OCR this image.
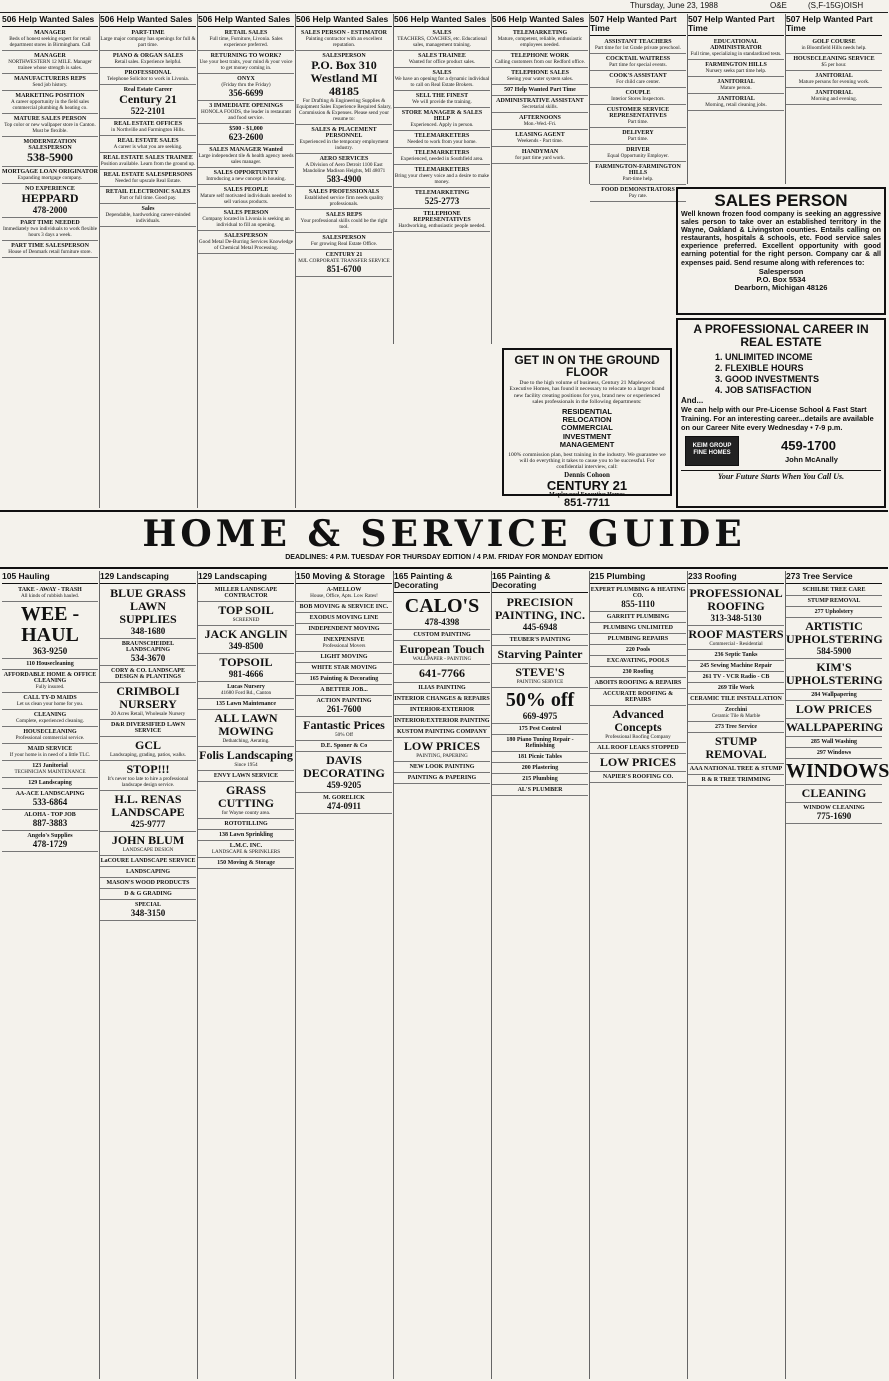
Thursday, June 23, 1988	O&E	(S,F-15G)OISH
506 Help Wanted Sales
MANAGER
Beds of honest seeking expert for retail department stores in Birmingham. Call
MANAGER
NORTHWESTERN 12 MILE. Manager trainee whose strength is sales.
MANUFACTURERS REPS
Send job history.
MARKETING POSITION
A career opportunity in the field sales commercial plumbing & heating co.
MATURE SALES PERSON
Top color or new wallpaper store in Canton. Must be flexible.
MODERNIZATION SALESPERSON
538-5900
MORTGAGE LOAN ORIGINATOR
Expanding mortgage company.
NO EXPERIENCE
HEPPARD
478-2000
PART TIME NEEDED
Immediately two individuals to work flexible hours 3 days a week.
PART TIME SALESPERSON
House of Denmark retail furniture store.
506 Help Wanted Sales
PART-TIME
Large major company has openings for full & part time.
PIANO & ORGAN SALES
Retail sales. Experience helpful.
PROFESSIONAL
Telephone Solicitor to work in Livonia.
Real Estate Career
Century 21
522-2101
REAL ESTATE OFFICES
in Northville and Farmington Hills.
REAL ESTATE SALES
A career is what you are seeking.
REAL ESTATE SALES TRAINEE
Position available. Learn from the ground up.
REAL ESTATE SALESPERSONS
Needed for upscale Real Estate.
RETAIL ELECTRONIC SALES
Part or full time. Good pay.
Sales
Dependable, hardworking career-minded individuals.
506 Help Wanted Sales
RETAIL SALES
Full time, Furniture, Livonia. Sales experience preferred.
RETURNING TO WORK?
Use your best traits, your mind & your voice to get money coming in.
ONYX
(Friday thru the Friday)
356-6699
3 IMMEDIATE OPENINGS
HONOLA FOODS, the leader in restaurant and food service.
$500 - $1,000
623-2600
SALES MANAGER Wanted
Large independent tile & health agency needs sales manager.
SALES OPPORTUNITY
Introducing a new concept in housing.
SALES PEOPLE
Mature self motivated individuals needed to sell various products.
SALES PERSON
Company located in Livonia is seeking an individual to fill an opening.
SALESPERSON
Good Metal De-Burring Services Knowledge of Chemical Metal Processing.
506 Help Wanted Sales
SALES PERSON - ESTIMATOR
Painting contractor with an excellent reputation.
SALESPERSON
P.O. Box 310 Westland MI 48185
For Drafting & Engineering Supplies & Equipment Sales Experience Required Salary, Commission & Expenses. Please send your resume to:
SALES & PLACEMENT PERSONNEL
Experienced in the temporary employment industry.
AERO SERVICES
A Division of Aero Detroit 1100 East Mandoline Madison Heights, MI 48071
583-4900
SALES PROFESSIONALS
Established service firm needs quality professionals.
SALES REPS
Your professional skills could be the right tool.
SALESPERSON
For growing Real Estate Office.
CENTURY 21
MJL CORPORATE TRANSFER SERVICE
851-6700
506 Help Wanted Sales
SALES
TEACHERS, COACHES, etc. Educational sales, management training.
SALES TRAINEE
Wanted for office product sales.
SALES
We have an opening for a dynamic individual to call on Real Estate Brokers.
SELL THE FINEST
We will provide the training.
STORE MANAGER & SALES HELP
Experienced. Apply in person.
TELEMARKETERS
Needed to work from your home.
TELEMARKETERS
Experienced, needed in Southfield area.
TELEMARKETERS
Bring your cheery voice and a desire to make money.
TELEMARKETING
525-2773
TELEPHONE REPRESENTATIVES
Hardworking, enthusiastic people needed.
506 Help Wanted Sales
TELEMARKETING
Mature, competent, reliable, enthusiastic employees needed.
TELEPHONE WORK
Calling customers from our Redford office.
TELEPHONE SALES
Seeing your water system sales.
507 Help Wanted Part Time
ADMINISTRATIVE ASSISTANT
Secretarial skills.
AFTERNOONS
Mon.-Wed.-Fri.
LEASING AGENT
Weekends - Part time.
HANDYMAN
for part time yard work.
507 Help Wanted Part Time
ASSISTANT TEACHERS
Part time for 1st Grade private preschool.
COCKTAIL WAITRESS
Part time for special events.
COOK'S ASSISTANT
For child care center.
COUPLE
Interior Stores Inspectors.
CUSTOMER SERVICE REPRESENTATIVES
Part time.
DELIVERY
Part time.
DRIVER
Equal Opportunity Employer.
FARMINGTON-FARMINGTON HILLS
Part-time help.
FOOD DEMONSTRATORS
Pay rate.
507 Help Wanted Part Time
EDUCATIONAL ADMINISTRATOR
Full time, specializing in standardized tests.
FARMINGTON HILLS
Nursery seeks part time help.
JANITORIAL
Mature person.
JANITORIAL
Morning, retail cleaning jobs.
507 Help Wanted Part Time
GOLF COURSE
in Bloomfield Hills needs help.
HOUSECLEANING SERVICE
$5 per hour.
JANITORIAL
Mature persons for evening work.
JANITORIAL
Morning and evening.
GET IN ON THE GROUND FLOOR
Due to the high volume of business, Century 21 Maplewood Executive Homes, has found it necessary to relocate to a larger brand new facility creating positions for you, brand new or experienced sales professionals in the following departments:
RESIDENTIAL
RELOCATION
COMMERCIAL
INVESTMENT
MANAGEMENT
100% commission plan, best training in the industry. We guarantee we will do everything it takes to cause you to be successful. For confidential interview, call:
Dennis Cohoon
CENTURY 21
Maplewood Executive Homes
851-7711
SALES PERSON
Well known frozen food company is seeking an aggressive sales person to take over an established territory in the Wayne, Oakland & Livingston counties. Entails calling on restaurants, hospitals & schools, etc. Food service sales experience preferred. Excellent opportunity with good earning potential for the right person. Company car & all expenses paid. Send resume along with references to:
Salesperson
P.O. Box 5534
Dearborn, Michigan 48126
A PROFESSIONAL CAREER IN REAL ESTATE
1. UNLIMITED INCOME
2. FLEXIBLE HOURS
3. GOOD INVESTMENTS
4. JOB SATISFACTION
And...
We can help with our Pre-License School & Fast Start Training. For an interesting career...details are available on our Career Nite every Wednesday • 7-9 p.m.
KEIM GROUP FINE HOMES	459-1700
John McAnally
Your Future Starts When You Call Us.
HOME & SERVICE GUIDE
DEADLINES: 4 P.M. TUESDAY FOR THURSDAY EDITION / 4 P.M. FRIDAY FOR MONDAY EDITION
105 Hauling
TAKE - AWAY - TRASH
All kinds of rubbish hauled.
WEE - HAUL
363-9250
110 Housecleaning
AFFORDABLE HOME & OFFICE CLEANING
Fully insured.
CALL TY-D MAIDS
Let us clean your home for you.
CLEANING
Complete, experienced cleaning.
HOUSECLEANING
Professional commercial service.
MAID SERVICE
If your home is in need of a little TLC.
123 Janitorial
TECHNICIAN MAINTENANCE
129 Landscaping
AA-ACE LANDSCAPING
533-6864
ALOHA - TOP JOB
887-3883
Angelo's Supplies
478-1729
129 Landscaping
BLUE GRASS LAWN SUPPLIES
348-1680
BRAUNSCHEIDEL LANDSCAPING
534-3670
CORY & CO. LANDSCAPE DESIGN & PLANTINGS
CRIMBOLI NURSERY
20 Acres Retail, Wholesale Nursery
D&R DIVERSIFIED LAWN SERVICE
GCL
Landscaping, grading, patios, walks.
STOP!!!
It's never too late to hire a professional landscape design service.
H.L. RENAS LANDSCAPE
425-9777
JOHN BLUM
LANDSCAPE DESIGN
LaCOURE LANDSCAPE SERVICE
LANDSCAPING
MASON'S WOOD PRODUCTS
D & G GRADING
SPECIAL
348-3150
129 Landscaping
MILLER LANDSCAPE CONTRACTOR
TOP SOIL
SCREENED
JACK ANGLIN
349-8500
TOPSOIL
981-4666
Lucas Nursery
41680 Ford Rd., Canton
135 Lawn Maintenance
ALL LAWN MOWING
Dethatching, Aerating.
Folis Landscaping
Since 1954
ENVY LAWN SERVICE
GRASS CUTTING
for Wayne county area.
ROTOTILLING
138 Lawn Sprinkling
L.M.C. INC.
LANDSCAPE & SPRINKLERS
150 Moving & Storage
150 Moving & Storage
A-MELLOW
House, Office, Apts. Low Rates!
BOB MOVING & SERVICE INC.
EXODUS MOVING LINE
INDEPENDENT MOVING
INEXPENSIVE
Professional Movers
LIGHT MOVING
WHITE STAR MOVING
165 Painting & Decorating
A BETTER JOB...
ACTION PAINTING
261-7600
Fantastic Prices
50% Off
D.E. Sponer & Co
DAVIS DECORATING
459-9205
M. GORELICK
474-0911
165 Painting & Decorating
CALO'S
478-4398
CUSTOM PAINTING
European Touch
WALLPAPER - PAINTING
641-7766
ILIAS PAINTING
INTERIOR CHANGES & REPAIRS
INTERIOR-EXTERIOR
INTERIOR/EXTERIOR PAINTING
KUSTOM PAINTING COMPANY
LOW PRICES
PAINTING, PAPERING
NEW LOOK PAINTING
PAINTING & PAPERING
165 Painting & Decorating
PRECISION PAINTING, INC.
445-6948
TEUBER'S PAINTING
Starving Painter
STEVE'S
PAINTING SERVICE
50% off
669-4975
175 Pest Control
180 Piano Tuning Repair - Refinishing
181 Picnic Tables
200 Plastering
215 Plumbing
AL'S PLUMBER
215 Plumbing
EXPERT PLUMBING & HEATING CO.
855-1110
GARRITT PLUMBING
PLUMBING UNLIMITED
PLUMBING REPAIRS
220 Pools
EXCAVATING, POOLS
230 Roofing
ABOITS ROOFING & REPAIRS
ACCURATE ROOFING & REPAIRS
Advanced Concepts
Professional Roofing Company
ALL ROOF LEAKS STOPPED
LOW PRICES
NAPIER'S ROOFING CO.
233 Roofing
PROFESSIONAL ROOFING
313-348-5130
ROOF MASTERS
Commercial - Residential
236 Septic Tanks
245 Sewing Machine Repair
261 TV - VCR Radio - CB
269 Tile Work
CERAMIC TILE INSTALLATION
Zecchini
Ceramic Tile & Marble
273 Tree Service
STUMP REMOVAL
AAA NATIONAL TREE & STUMP
R & R TREE TRIMMING
273 Tree Service
SCHILBE TREE CARE
STUMP REMOVAL
277 Upholstery
ARTISTIC UPHOLSTERING
584-5900
KIM'S UPHOLSTERING
284 Wallpapering
LOW PRICES
WALLPAPERING
285 Wall Washing
297 Windows
WINDOWS
CLEANING
WINDOW CLEANING
775-1690
